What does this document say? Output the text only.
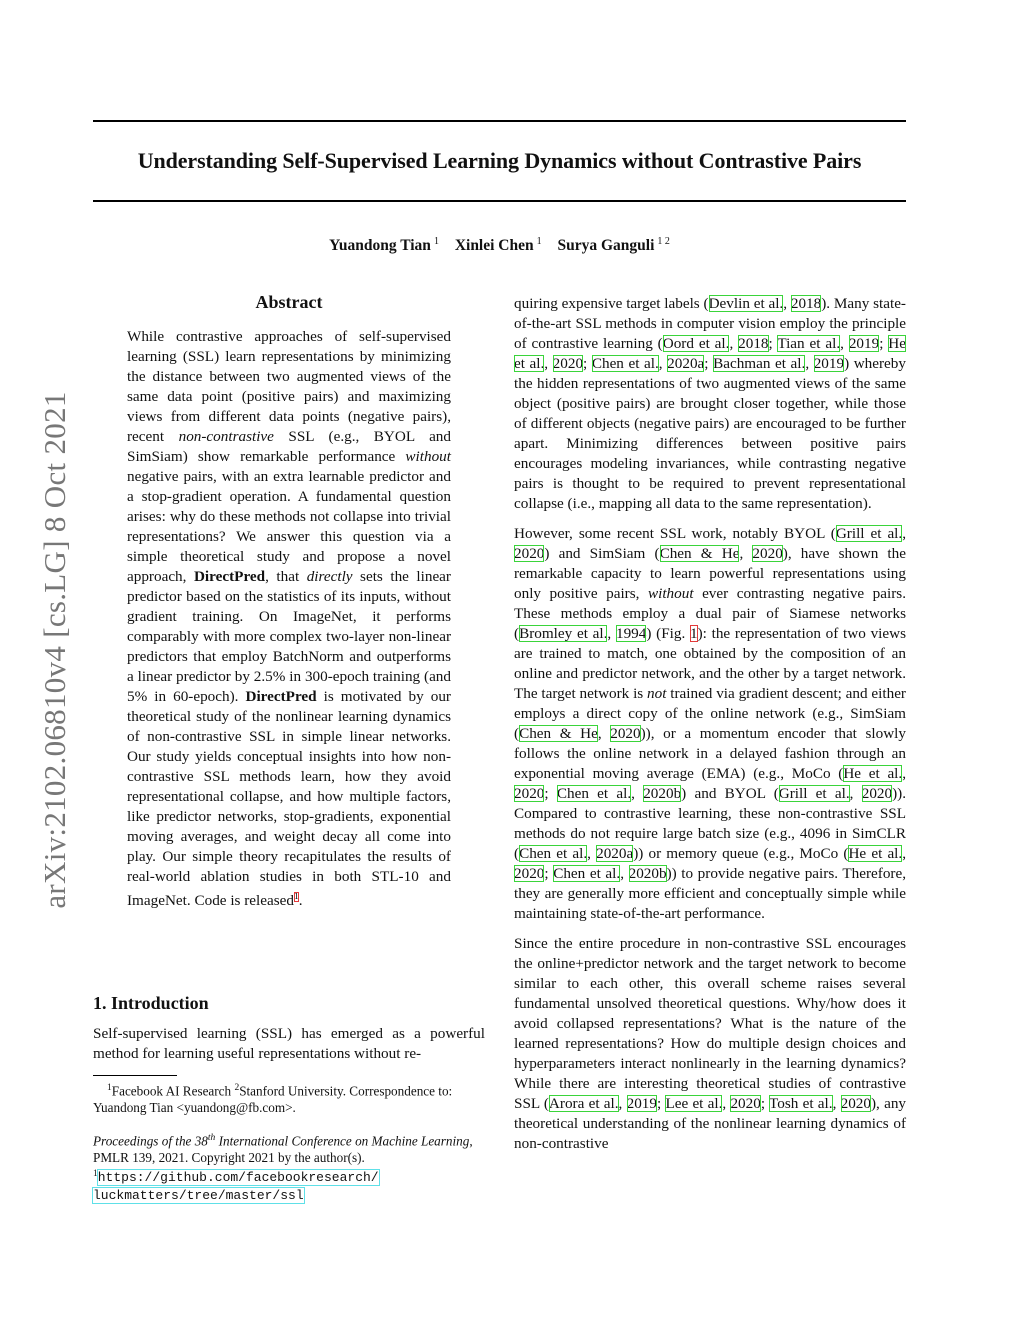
arXiv:2102.06810v4 [cs.LG] 8 Oct 2021
Understanding Self-Supervised Learning Dynamics without Contrastive Pairs
Yuandong Tian $^1$ Xinlei Chen $^1$ Surya Ganguli $^{1 2}$
Abstract

While contrastive approaches of self-supervised learning (SSL) learn representations by minimizing the distance between two augmented views of the same data point (positive pairs) and maximizing views from different data points (negative pairs), recent non-contrastive SSL (e.g., BYOL and SimSiam) show remarkable performance without negative pairs, with an extra learnable predictor and a stop-gradient operation. A fundamental question arises: why do these methods not collapse into trivial representations? We answer this question via a simple theoretical study and propose a novel approach, DirectPred, that directly sets the linear predictor based on the statistics of its inputs, without gradient training. On ImageNet, it performs comparably with more complex two-layer non-linear predictors that employ BatchNorm and outperforms a linear predictor by 2.5% in 300-epoch training (and 5% in 60-epoch). DirectPred is motivated by our theoretical study of the nonlinear learning dynamics of non-contrastive SSL in simple linear networks. Our study yields conceptual insights into how non-contrastive SSL methods learn, how they avoid representational collapse, and how multiple factors, like predictor networks, stop-gradients, exponential moving averages, and weight decay all come into play. Our simple theory recapitulates the results of real-world ablation studies in both STL-10 and ImageNet. Code is released$^1$.

1. Introduction

Self-supervised learning (SSL) has emerged as a powerful method for learning useful representations without re-

$^1$Facebook AI Research $^2$Stanford University. Correspondence to: Yuandong Tian <yuandong@fb.com>.

Proceedings of the 38th International Conference on Machine Learning, PMLR 139, 2021. Copyright 2021 by the author(s).
$^1$https://github.com/facebookresearch/
luckmatters/tree/master/ssl

quiring expensive target labels (Devlin et al., 2018). Many state-of-the-art SSL methods in computer vision employ the principle of contrastive learning (Oord et al., 2018; Tian et al., 2019; He et al., 2020; Chen et al., 2020a; Bachman et al., 2019) whereby the hidden representations of two augmented views of the same object (positive pairs) are brought closer together, while those of different objects (negative pairs) are encouraged to be further apart. Minimizing differences between positive pairs encourages modeling invariances, while contrasting negative pairs is thought to be required to prevent representational collapse (i.e., mapping all data to the same representation).

However, some recent SSL work, notably BYOL (Grill et al., 2020) and SimSiam (Chen & He, 2020), have shown the remarkable capacity to learn powerful representations using only positive pairs, without ever contrasting negative pairs. These methods employ a dual pair of Siamese networks (Bromley et al., 1994) (Fig. 1): the representation of two views are trained to match, one obtained by the composition of an online and predictor network, and the other by a target network. The target network is not trained via gradient descent; and either employs a direct copy of the online network (e.g., SimSiam (Chen & He, 2020)), or a momentum encoder that slowly follows the online network in a delayed fashion through an exponential moving average (EMA) (e.g., MoCo (He et al., 2020; Chen et al., 2020b) and BYOL (Grill et al., 2020)). Compared to contrastive learning, these non-contrastive SSL methods do not require large batch size (e.g., 4096 in SimCLR (Chen et al., 2020a)) or memory queue (e.g., MoCo (He et al., 2020; Chen et al., 2020b)) to provide negative pairs. Therefore, they are generally more efficient and conceptually simple while maintaining state-of-the-art performance.

Since the entire procedure in non-contrastive SSL encourages the online+predictor network and the target network to become similar to each other, this overall scheme raises several fundamental unsolved theoretical questions. Why/how does it avoid collapsed representations? What is the nature of the learned representations? How do multiple design choices and hyperparameters interact nonlinearly in the learning dynamics? While there are interesting theoretical studies of contrastive SSL (Arora et al., 2019; Lee et al., 2020; Tosh et al., 2020), any theoretical understanding of the nonlinear learning dynamics of non-contrastive
